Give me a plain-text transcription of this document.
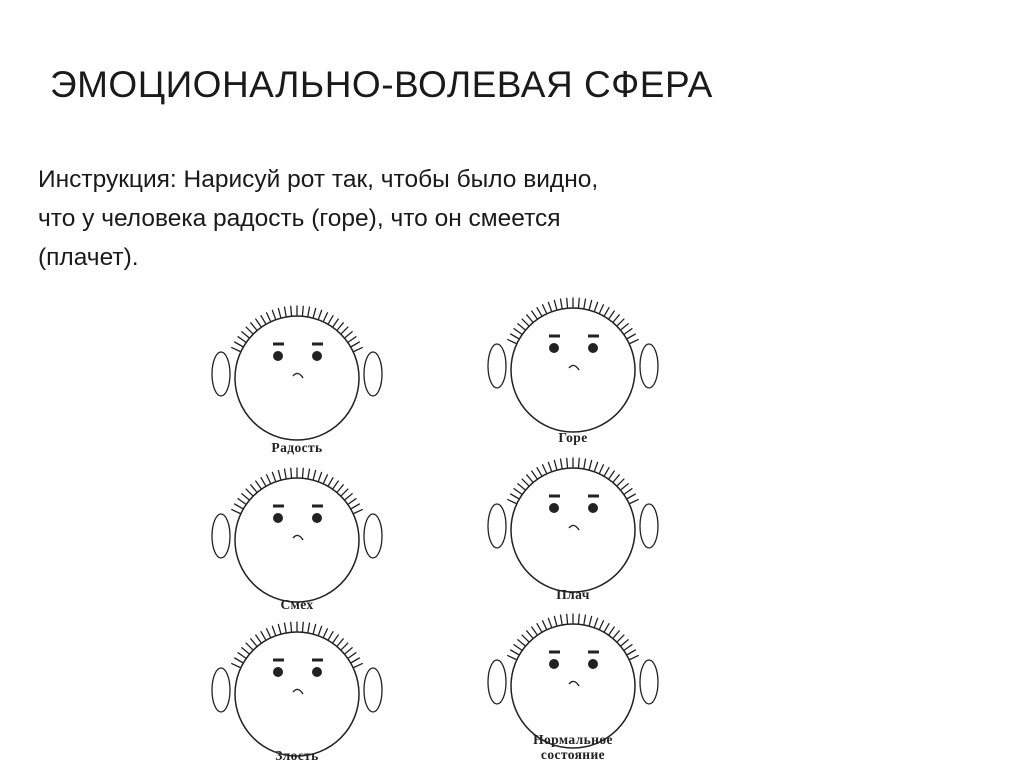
ЭМОЦИОНАЛЬНО-ВОЛЕВАЯ СФЕРА
Инструкция: Нарисуй рот так, чтобы было видно,
что у человека радость (горе), что он смеется
(плачет).
Радость
Горе
Смех
Плач
Злость
Нормальное
состояние
